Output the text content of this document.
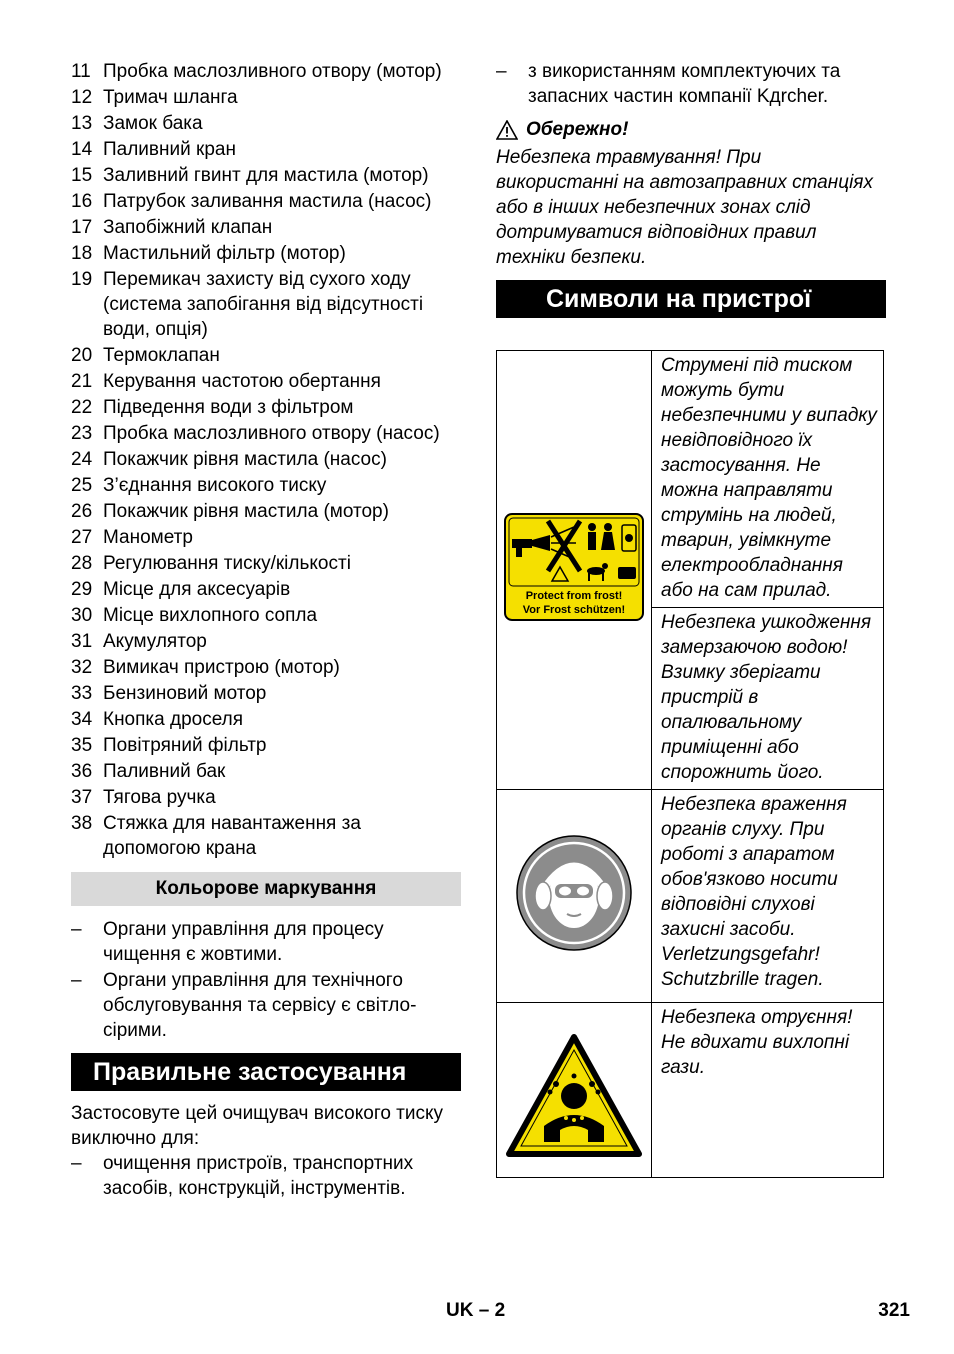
11 Пробка маслозливного отвору (мотор)
12 Тримач шланга
13 Замок бака
14 Паливний кран
15 Заливний гвинт для мастила (мотор)
16 Патрубок заливання мастила (насос)
17 Запобіжний клапан
18 Мастильний фільтр (мотор)
19 Перемикач захисту від сухого ходу (система запобігання від відсутності води, опція)
20 Термоклапан
21 Керування частотою обертання
22 Підведення води з фільтром
23 Пробка маслозливного отвору (насос)
24 Покажчик рівня мастила (насос)
25 З’єднання високого тиску
26 Покажчик рівня мастила (мотор)
27 Манометр
28 Регулювання тиску/кількості
29 Місце для аксесуарів
30 Місце вихлопного сопла
31 Акумулятор
32 Вимикач пристрою (мотор)
33 Бензиновий мотор
34 Кнопка дроселя
35 Повітряний фільтр
36 Паливний бак
37 Тягова ручка
38 Стяжка для навантаження за допомогою крана
Кольорове маркування
–	Органи управління для процесу чищення є жовтими.
–	Органи управління для технічного обслуговування та сервісу є світло-сірими.
Правильне застосування

Застосовуте цей очищувач високого тиску виключно для:

–	очищення пристроїв, транспортних засобів, конструкцій, інструментів.
–	з використанням комплектуючих та запасних частин компанії Kдrcher.
Обережно!

Небезпека травмування! При використанні на автозаправних станціях або в інших небезпечних зонах слід дотримуватися відповідних правил техніки безпеки.

Символи на пристрої
Protect from frost!
Vor Frost schützen!	Струмені під тиском можуть бути небезпечними у випадку невідповідного їх застосування. Не можна направляти струмінь на людей, тварин, увімкнуте електрообладнання або на сам прилад.
	Небезпека ушкодження замерзаючою водою! Взимку зберігати пристрій в опалювальному приміщенні або спорожнить його.
	Небезпека враження органів слуху. При роботі з апаратом обов'язково носити відповідні слухові захисні засоби. Verletzungsgefahr! Schutzbrille tragen.
	Небезпека отруєння! Не вдихати вихлопні гази.
UK – 2	321
